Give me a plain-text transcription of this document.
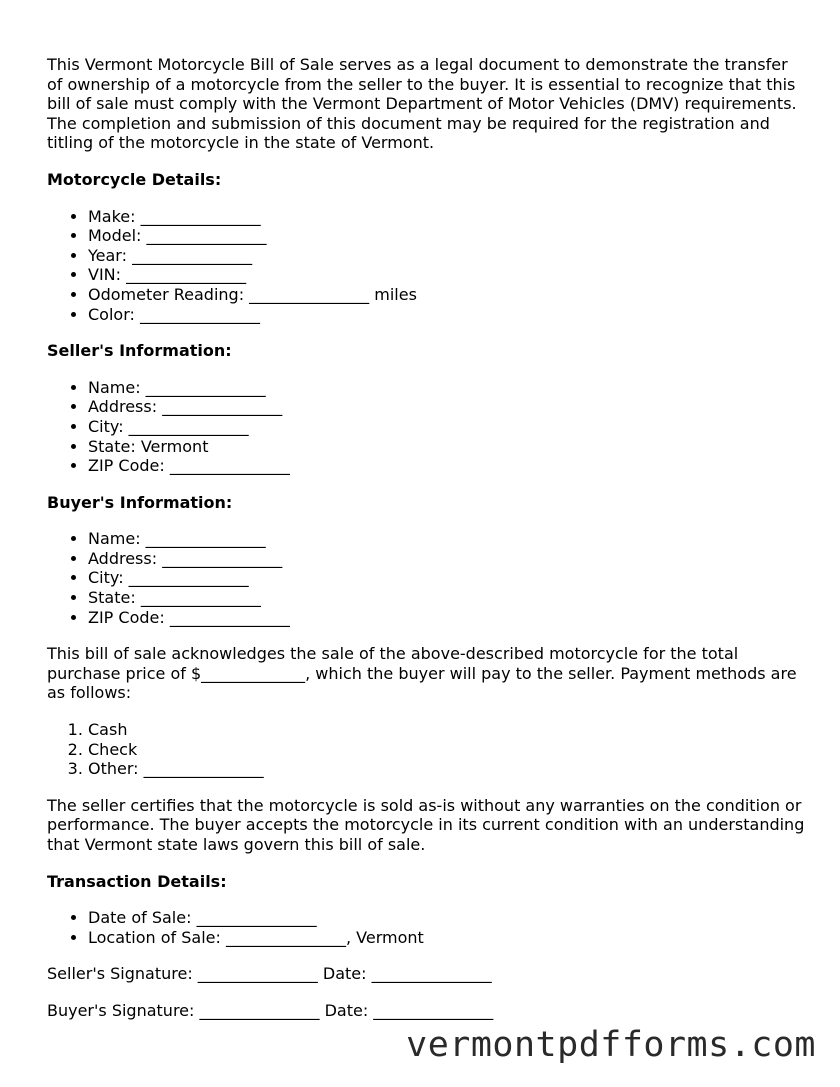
This Vermont Motorcycle Bill of Sale serves as a legal document to demonstrate the transfer of ownership of a motorcycle from the seller to the buyer. It is essential to recognize that this bill of sale must comply with the Vermont Department of Motor Vehicles (DMV) requirements. The completion and submission of this document may be required for the registration and titling of the motorcycle in the state of Vermont.

Motorcycle Details:
• Make: _______________
• Model: _______________
• Year: _______________
• VIN: _______________
• Odometer Reading: _______________ miles
• Color: _______________
Seller's Information:
• Name: _______________
• Address: _______________
• City: _______________
• State: Vermont
• ZIP Code: _______________
Buyer's Information:
• Name: _______________
• Address: _______________
• City: _______________
• State: _______________
• ZIP Code: _______________

This bill of sale acknowledges the sale of the above-described motorcycle for the total purchase price of $_____________, which the buyer will pay to the seller. Payment methods are as follows:

1. Cash
2. Check
3. Other: _______________

The seller certifies that the motorcycle is sold as-is without any warranties on the condition or performance. The buyer accepts the motorcycle in its current condition with an understanding that Vermont state laws govern this bill of sale.

Transaction Details:
• Date of Sale: _______________
• Location of Sale: _______________, Vermont

Seller's Signature: _______________ Date: _______________

Buyer's Signature: _______________ Date: _______________

vermontpdfforms.com
